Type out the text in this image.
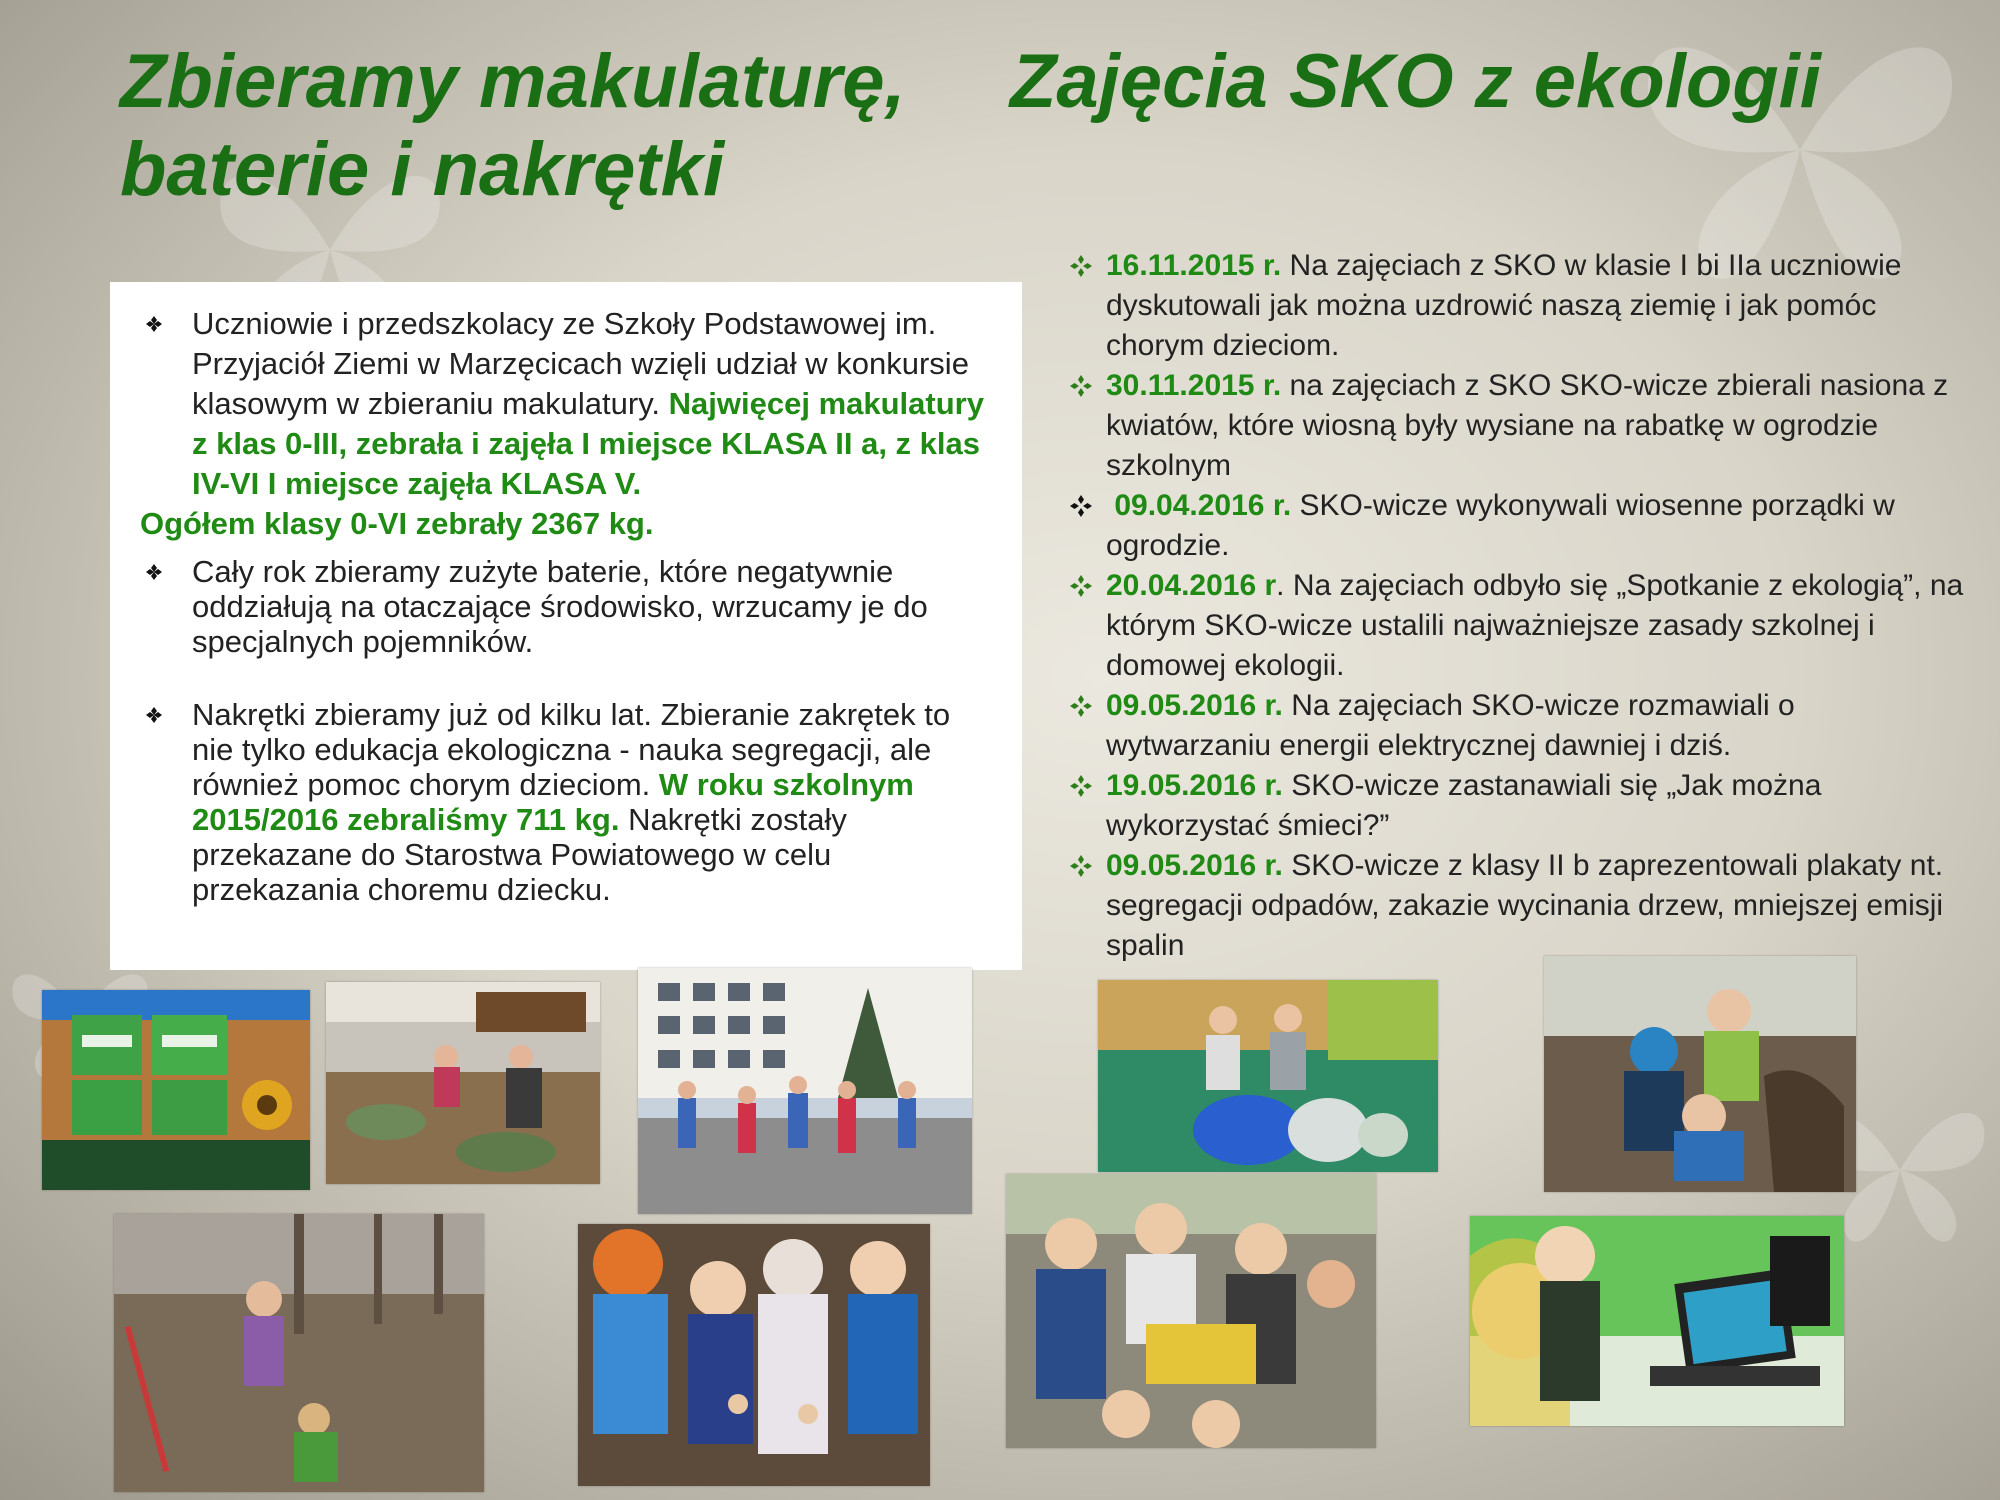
Zbieramy makulaturę,
baterie i nakrętki
Zajęcia SKO z ekologii
Uczniowie i przedszkolacy ze Szkoły Podstawowej im. Przyjaciół Ziemi w Marzęcicach wzięli udział w konkursie klasowym w zbieraniu makulatury. Najwięcej makulatury z klas 0-III, zebrała i zajęła I miejsce KLASA II a, z klas IV-VI I miejsce zajęła KLASA V.
Ogółem klasy 0-VI zebrały 2367 kg.
Cały rok zbieramy zużyte baterie, które negatywnie oddziałują na otaczające środowisko, wrzucamy je do specjalnych pojemników.
Nakrętki zbieramy już od kilku lat. Zbieranie zakrętek to nie tylko edukacja ekologiczna - nauka segregacji, ale również pomoc chorym dzieciom. W roku szkolnym 2015/2016 zebraliśmy 711 kg. Nakrętki zostały przekazane do Starostwa Powiatowego w celu przekazania choremu dziecku.
16.11.2015 r. Na zajęciach z SKO w klasie I bi IIa uczniowie dyskutowali jak można uzdrowić naszą ziemię i jak pomóc chorym dzieciom.
30.11.2015 r. na zajęciach z SKO SKO-wicze zbierali nasiona z kwiatów, które wiosną były wysiane na rabatkę w ogrodzie szkolnym
09.04.2016 r. SKO-wicze wykonywali wiosenne porządki w ogrodzie.
20.04.2016 r. Na zajęciach odbyło się „Spotkanie z ekologią”, na którym SKO-wicze ustalili najważniejsze zasady szkolnej i domowej ekologii.
09.05.2016 r. Na zajęciach SKO-wicze rozmawiali o wytwarzaniu energii elektrycznej dawniej i dziś.
19.05.2016 r. SKO-wicze zastanawiali się „Jak można wykorzystać śmieci?”
09.05.2016 r. SKO-wicze z klasy II b zaprezentowali plakaty nt. segregacji odpadów, zakazie wycinania drzew, mniejszej emisji spalin
